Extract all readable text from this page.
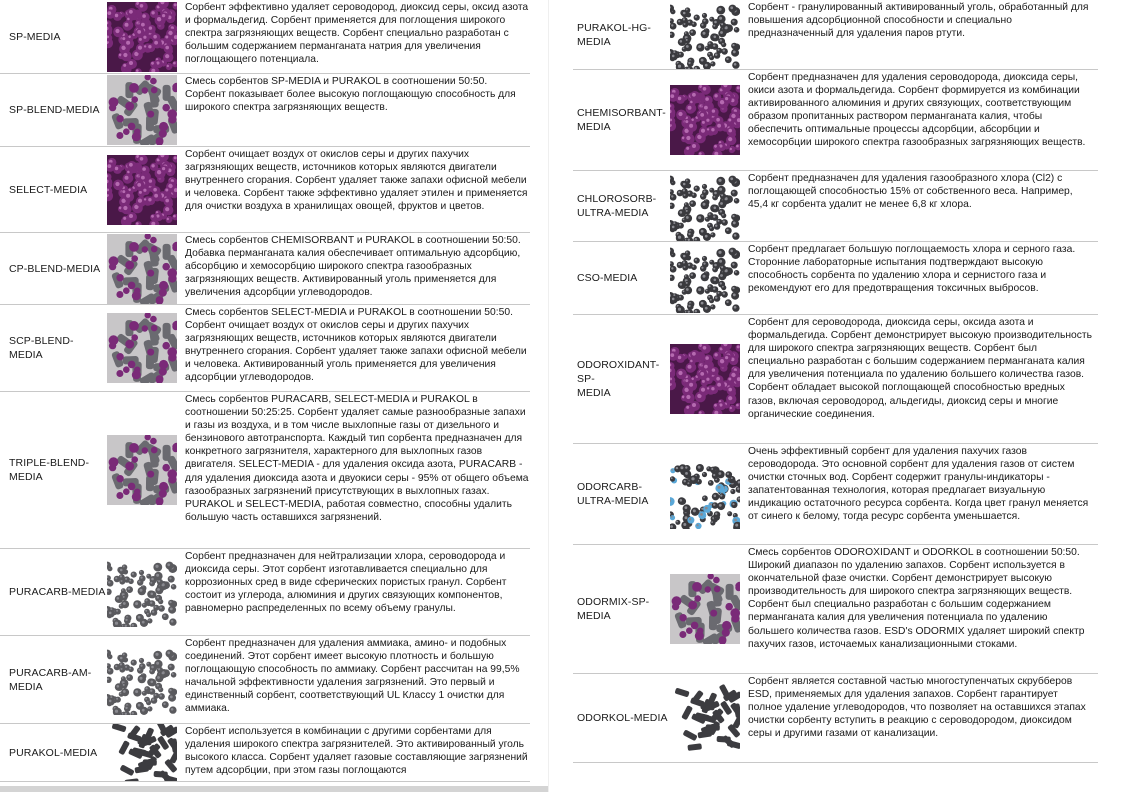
SP-MEDIA
Сорбент эффективно удаляет сероводород, диоксид серы, оксид азота и формальдегид. Сорбент применяется для поглощения широкого спектра загрязняющих веществ. Сорбент специально разработан с большим содержанием перманганата натрия для увеличения поглощающего потенциала.
SP-BLEND-MEDIA
Смесь сорбентов SP-MEDIA и PURAKOL в соотношении 50:50. Сорбент показывает более высокую поглощающую способность для широкого спектра загрязняющих веществ.
SELECT-MEDIA
Сорбент очищает воздух от окислов серы и других пахучих загрязняющих веществ, источников которых являются двигатели внутреннего сгорания. Сорбент удаляет также запахи офисной мебели и человека. Сорбент также эффективно удаляет этилен и применяется для очистки воздуха в хранилищах овощей, фруктов и цветов.
CP-BLEND-MEDIA
Смесь сорбентов CHEMISORBANT и PURAKOL в соотношении 50:50. Добавка перманганата калия обеспечивает оптимальную адсорбцию, абсорбцию и хемосорбцию широкого спектра газообразных загрязняющих веществ. Активированный уголь применяется для увеличения адсорбции углеводородов.
SCP-BLEND-MEDIA
Смесь сорбентов SELECT-MEDIA и PURAKOL в соотношении 50:50. Сорбент очищает воздух от окислов серы и других пахучих загрязняющих веществ, источников которых являются двигатели внутреннего сгорания. Сорбент удаляет также запахи офисной мебели и человека. Активированный уголь применяется для увеличения адсорбции углеводородов.
TRIPLE-BLEND-
MEDIA
Смесь сорбентов PURACARB, SELECT-MEDIA и PURAKOL в соотношении 50:25:25. Сорбент удаляет самые разнообразные запахи и газы из воздуха, и в том числе выхлопные газы от дизельного и бензинового автотранспорта. Каждый тип сорбента предназначен для конкретного загрязнителя, характерного для выхлопных газов двигателя. SELECT-MEDIA - для удаления оксида азота, PURACARB - для удаления диоксида азота и двуокиси серы - 95% от общего объема газообразных загрязнений присутствующих в выхлопных газах. PURAKOL и SELECT-MEDIA, работая совместно, способны удалить большую часть оставшихся загрязнений.
PURACARB-MEDIA
Сорбент предназначен для нейтрализации хлора, сероводорода и диоксида серы. Этот сорбент изготавливается специально для коррозионных сред в виде сферических пористых гранул. Сорбент состоит из углерода, алюминия и других связующих компонентов, равномерно распределенных по всему объему гранулы.
PURACARB-AM-
MEDIA
Сорбент предназначен для удаления аммиака, амино- и подобных соединений. Этот сорбент имеет высокую плотность и большую поглощающую способность по аммиаку. Сорбент рассчитан на 99,5% начальной эффективности удаления загрязнений. Это первый и единственный сорбент, соответствующий UL Классу 1 очистки для аммиака.
PURAKOL-MEDIA
Сорбент используется в комбинации с другими сорбентами для удаления широкого спектра загрязнителей. Это активированный уголь высокого класса. Сорбент удаляет газовые составляющие загрязнений путем адсорбции, при этом газы поглощаются
PURAKOL-HG-
MEDIA
Сорбент - гранулированный активированный уголь, обработанный для повышения адсорбционной способности и специально предназначенный для удаления паров ртути.
CHEMISORBANT-
MEDIA
Сорбент предназначен для удаления сероводорода, диоксида серы, окиси азота и формальдегида. Сорбент формируется из комбинации активированного алюминия и других связующих, соответствующим образом пропитанных раствором перманганата калия, чтобы обеспечить оптимальные процессы адсорбции, абсорбции и хемосорбции широкого спектра газообразных загрязняющих веществ.
CHLOROSORB-
ULTRA-MEDIA
Сорбент предназначен для удаления газообразного хлора (Cl2) с поглощающей способностью 15% от собственного веса. Например, 45,4 кг сорбента удалит не менее 6,8 кг хлора.
CSO-MEDIA
Сорбент предлагает большую поглощаемость хлора и серного газа. Сторонние лабораторные испытания подтверждают высокую способность сорбента по удалению хлора и сернистого газа и рекомендуют его для предотвращения токсичных выбросов.
ODOROXIDANT-SP-
MEDIA
Сорбент для сероводорода, диоксида серы, оксида азота и формальдегида. Сорбент демонстрирует высокую производительность для широкого спектра загрязняющих веществ. Сорбент был специально разработан с большим содержанием перманганата калия для увеличения потенциала по удалению большего количества газов. Сорбент обладает высокой поглощающей способностью вредных газов, включая сероводород, альдегиды, диоксид серы и многие органические соединения.
ODORCARB-
ULTRA-MEDIA
Очень эффективный сорбент для удаления пахучих газов сероводорода. Это основной сорбент для удаления газов от систем очистки сточных вод. Сорбент содержит гранулы-индикаторы - запатентованная технология, которая предлагает визуальную индикацию остаточного ресурса сорбента. Когда цвет гранул меняется от синего к белому, тогда ресурс сорбента уменьшается.
ODORMIX-SP-
MEDIA
Смесь сорбентов ODOROXIDANT и ODORKOL в соотношении 50:50. Широкий диапазон по удалению запахов. Сорбент используется в окончательной фазе очистки. Сорбент демонстрирует высокую производительность для широкого спектра загрязняющих веществ. Сорбент был специально разработан с большим содержанием перманганата калия для увеличения потенциала по удалению большего количества газов. ESD's ODORMIX удаляет широкий спектр пахучих газов, источаемых канализационными стоками.
ODORKOL-MEDIA
Сорбент является составной частью многоступенчатых скрубберов ESD, применяемых для удаления запахов. Сорбент гарантирует полное удаление углеводородов, что позволяет на оставшихся этапах очистки сорбенту вступить в реакцию с сероводородом, диоксидом серы и другими газами от канализации.
